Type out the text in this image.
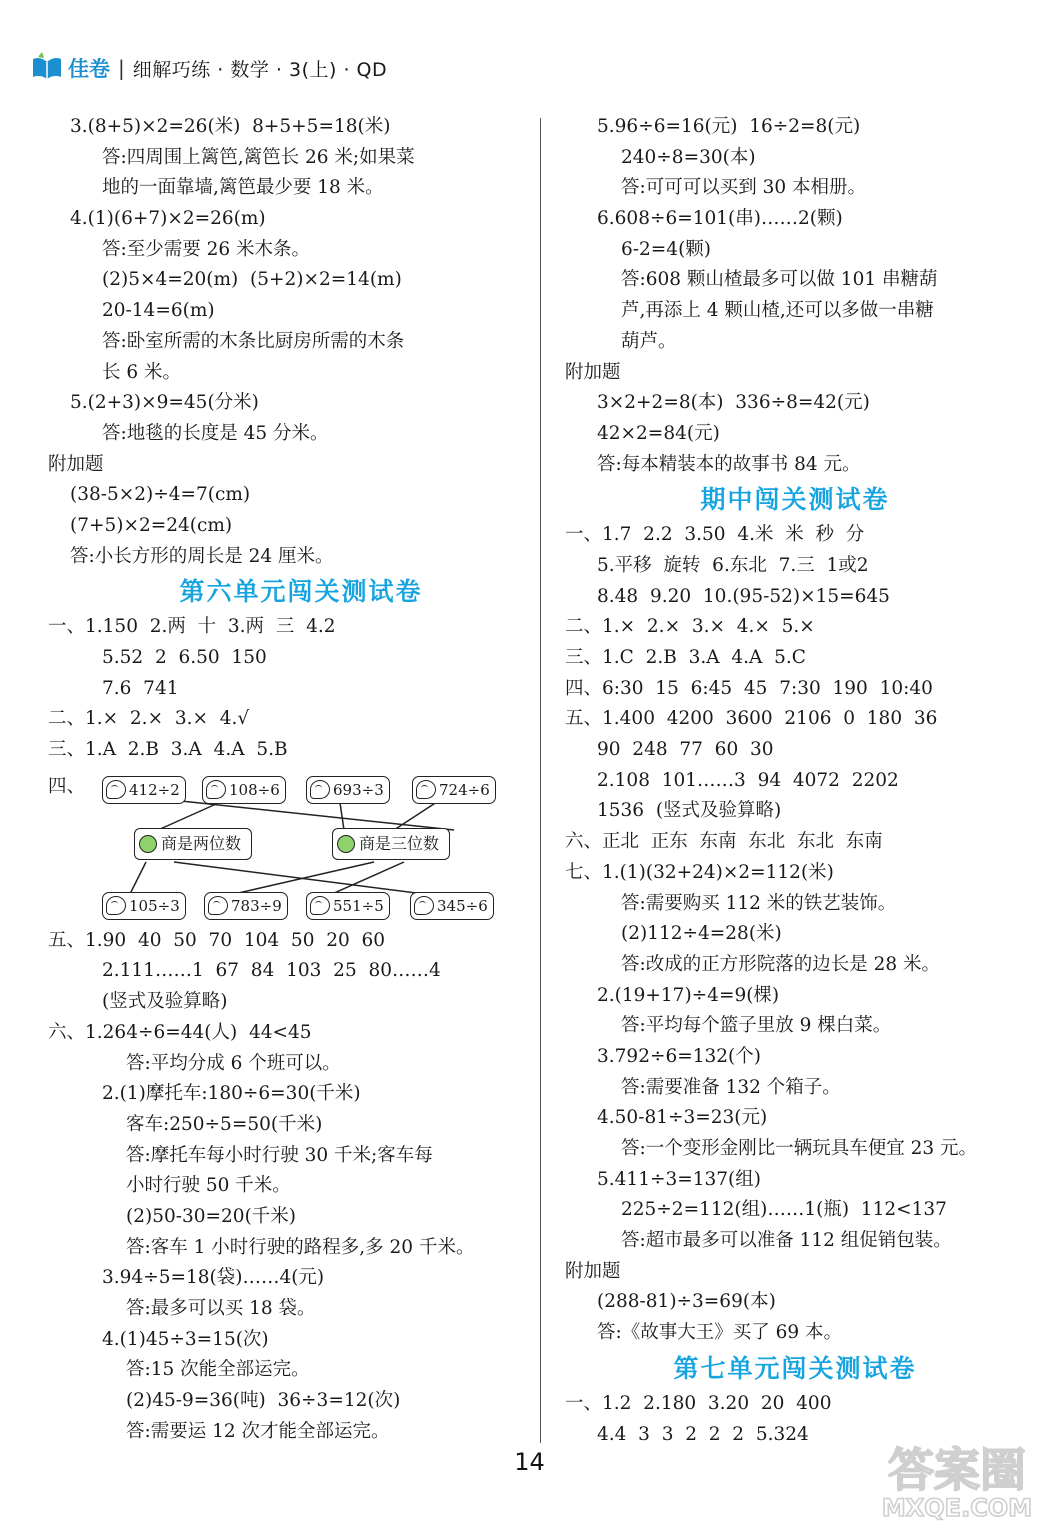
佳卷 | 细解巧练 · 数学 · 3(上) · QD
3.(8+5)×2=26(米)  8+5+5=18(米)
答:四周围上篱笆,篱笆长 26 米;如果菜
地的一面靠墙,篱笆最少要 18 米。
4.(1)(6+7)×2=26(m)
答:至少需要 26 米木条。
(2)5×4=20(m)  (5+2)×2=14(m)
20-14=6(m)
答:卧室所需的木条比厨房所需的木条
长 6 米。
5.(2+3)×9=45(分米)
答:地毯的长度是 45 分米。
附加题
(38-5×2)÷4=7(cm)
(7+5)×2=24(cm)
答:小长方形的周长是 24 厘米。
第六单元闯关测试卷
一、1.150  2.两  十  3.两  三  4.2
5.52  2  6.50  150
7.6  741
二、1.×  2.×  3.×  4.√
三、1.A  2.B  3.A  4.A  5.B
四、	412÷2	108÷6	693÷3	724÷6
商是两位数	商是三位数
105÷3	783÷9	551÷5	345÷6
五、1.90  40  50  70  104  50  20  60
2.111……1  67  84  103  25  80……4
(竖式及验算略)
六、1.264÷6=44(人)  44<45
答:平均分成 6 个班可以。
2.(1)摩托车:180÷6=30(千米)
客车:250÷5=50(千米)
答:摩托车每小时行驶 30 千米;客车每
小时行驶 50 千米。
(2)50-30=20(千米)
答:客车 1 小时行驶的路程多,多 20 千米。
3.94÷5=18(袋)……4(元)
答:最多可以买 18 袋。
4.(1)45÷3=15(次)
答:15 次能全部运完。
(2)45-9=36(吨)  36÷3=12(次)
答:需要运 12 次才能全部运完。
5.96÷6=16(元)  16÷2=8(元)
240÷8=30(本)
答:可可可以买到 30 本相册。
6.608÷6=101(串)……2(颗)
6-2=4(颗)
答:608 颗山楂最多可以做 101 串糖葫
芦,再添上 4 颗山楂,还可以多做一串糖
葫芦。
附加题
3×2+2=8(本)  336÷8=42(元)
42×2=84(元)
答:每本精装本的故事书 84 元。
期中闯关测试卷
一、1.7  2.2  3.50  4.米  米  秒  分
5.平移  旋转  6.东北  7.三  1或2
8.48  9.20  10.(95-52)×15=645
二、1.×  2.×  3.×  4.×  5.×
三、1.C  2.B  3.A  4.A  5.C
四、6:30  15  6:45  45  7:30  190  10:40
五、1.400  4200  3600  2106  0  180  36
90  248  77  60  30
2.108  101……3  94  4072  2202
1536  (竖式及验算略)
六、正北  正东  东南  东北  东北  东南
七、1.(1)(32+24)×2=112(米)
答:需要购买 112 米的铁艺装饰。
(2)112÷4=28(米)
答:改成的正方形院落的边长是 28 米。
2.(19+17)÷4=9(棵)
答:平均每个篮子里放 9 棵白菜。
3.792÷6=132(个)
答:需要准备 132 个箱子。
4.50-81÷3=23(元)
答:一个变形金刚比一辆玩具车便宜 23 元。
5.411÷3=137(组)
225÷2=112(组)……1(瓶)  112<137
答:超市最多可以准备 112 组促销包装。
附加题
(288-81)÷3=69(本)
答:《故事大王》买了 69 本。
第七单元闯关测试卷
一、1.2  2.180  3.20  20  400
4.4  3  3  2  2  2  5.324
14	答案圈
MXQE.COM
